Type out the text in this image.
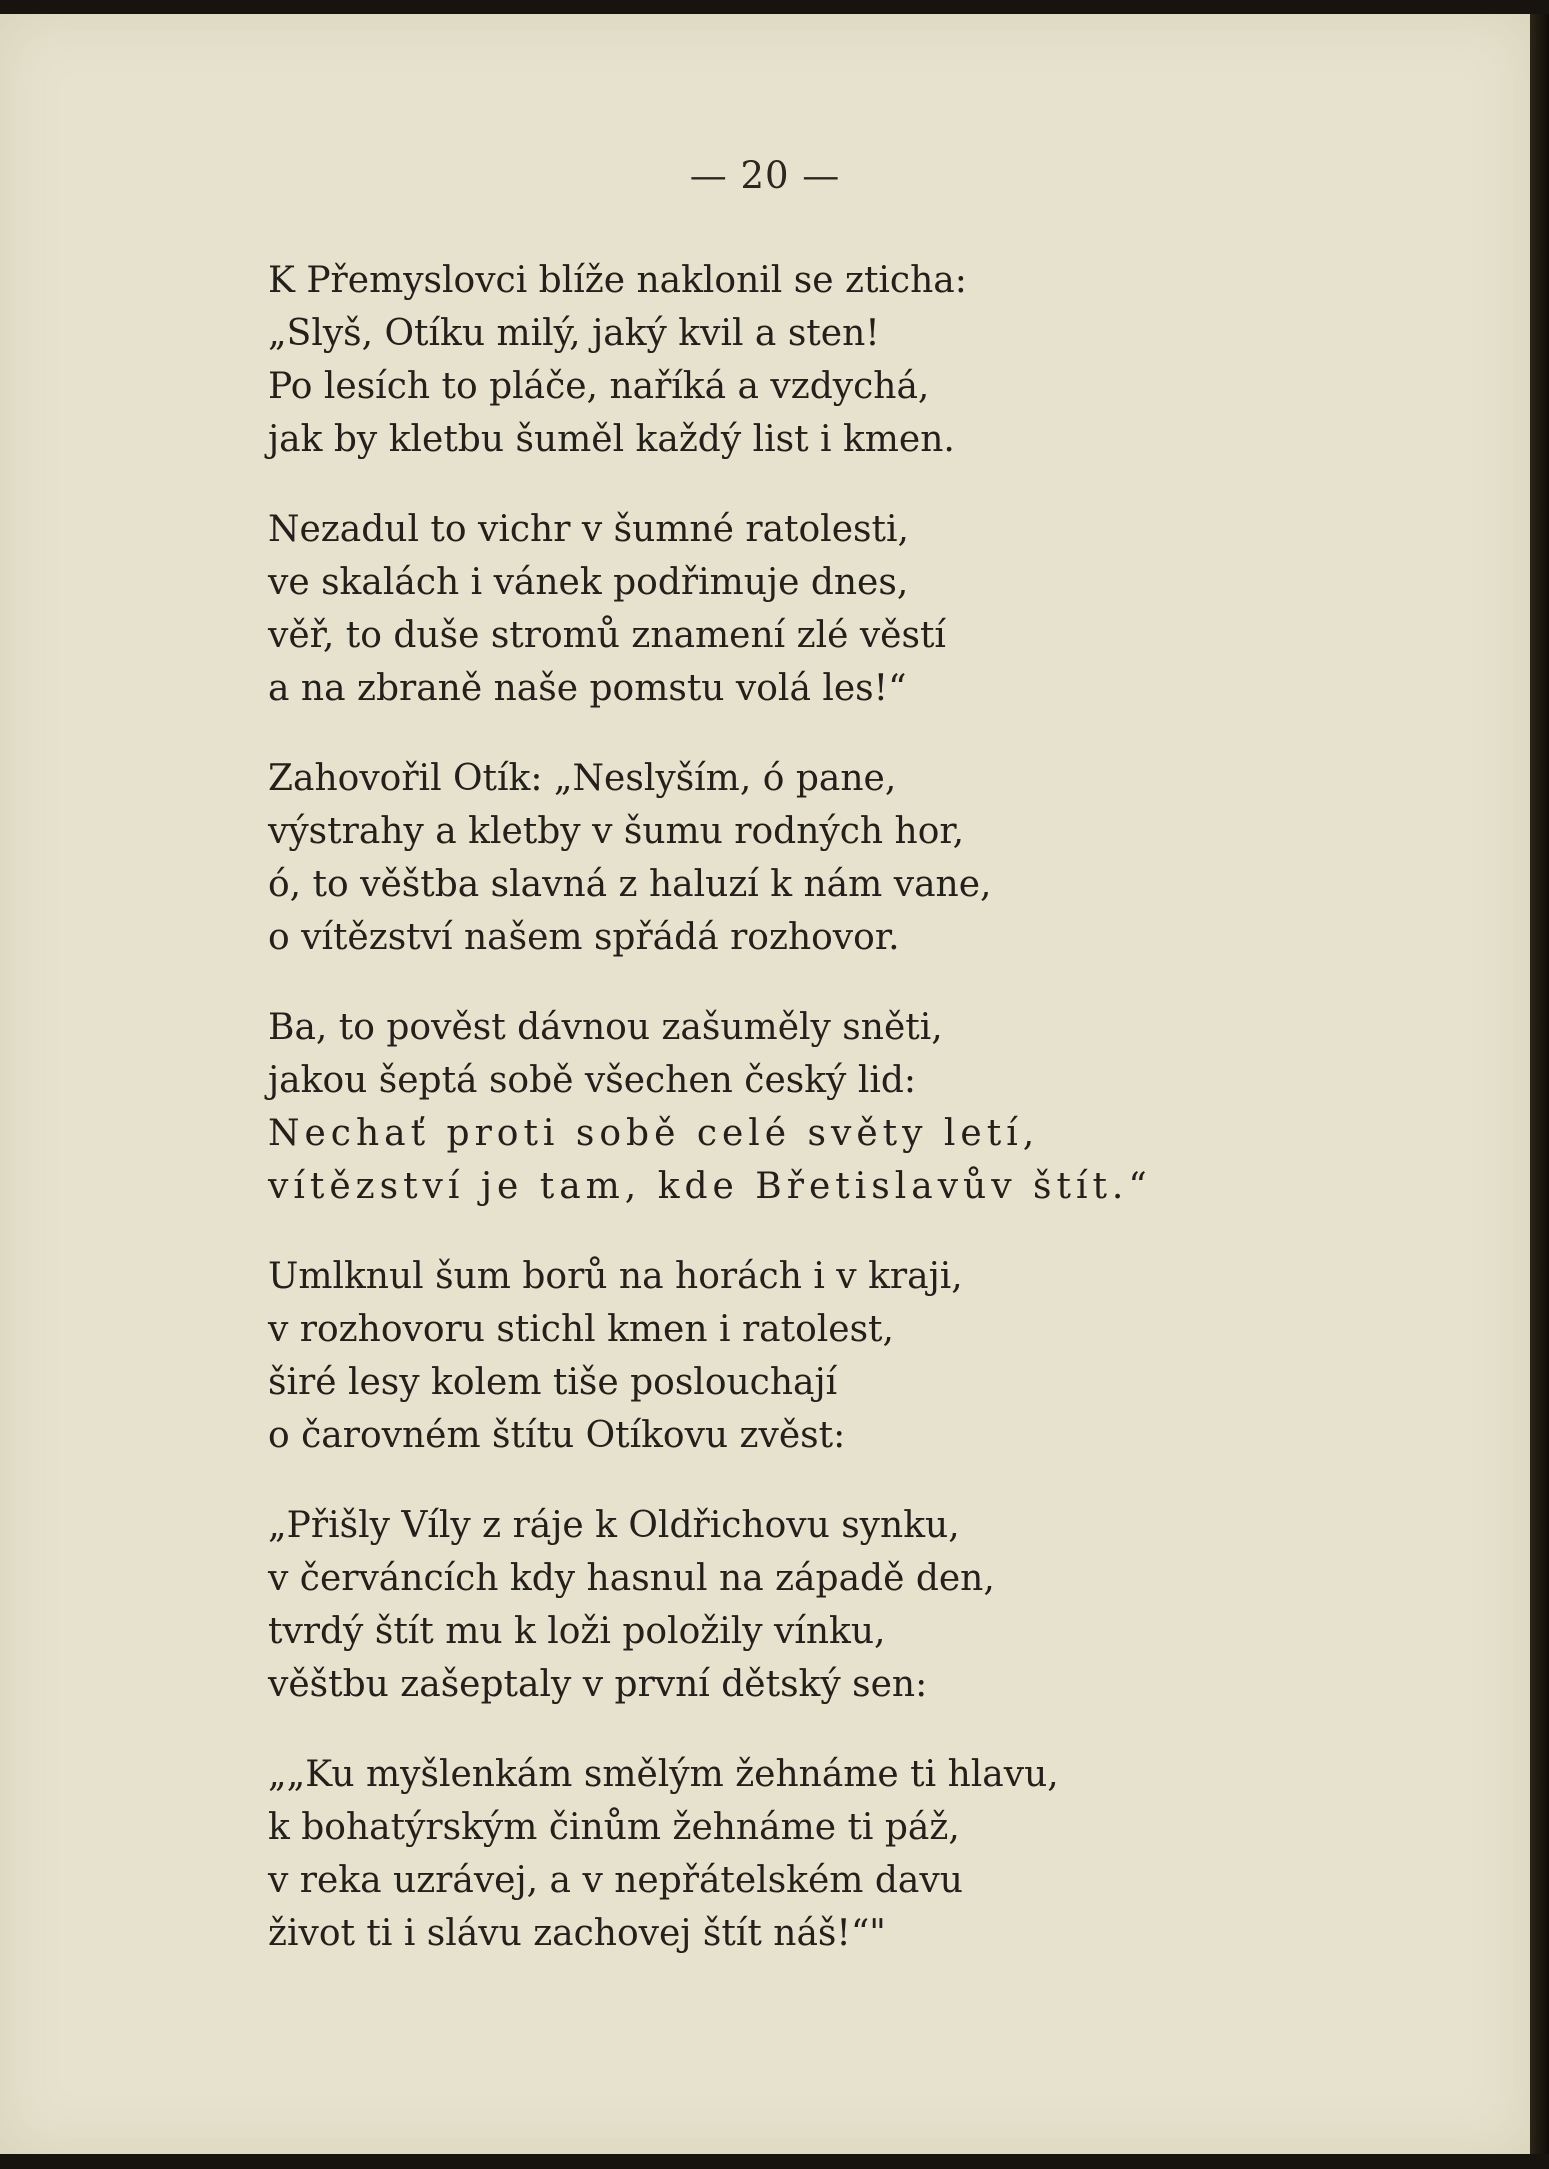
— 20 —
K Přemyslovci blíže naklonil se zticha:
„Slyš, Otíku milý, jaký kvil a sten!
Po lesích to pláče, naříká a vzdychá,
jak by kletbu šuměl každý list i kmen.
Nezadul to vichr v šumné ratolesti,
ve skalách i vánek podřimuje dnes,
věř, to duše stromů znamení zlé věstí
a na zbraně naše pomstu volá les!“
Zahovořil Otík: „Neslyším, ó pane,
výstrahy a kletby v šumu rodných hor,
ó, to věštba slavná z haluzí k nám vane,
o vítězství našem spřádá rozhovor.
Ba, to pověst dávnou zašuměly sněti,
jakou šeptá sobě všechen český lid:
Nechať proti sobě celé světy letí,
vítězství je tam, kde Břetislavův štít.“
Umlknul šum borů na horách i v kraji,
v rozhovoru stichl kmen i ratolest,
širé lesy kolem tiše poslouchají
o čarovném štítu Otíkovu zvěst:
„Přišly Víly z ráje k Oldřichovu synku,
v červáncích kdy hasnul na západě den,
tvrdý štít mu k loži položily vínku,
věštbu zašeptaly v první dětský sen:
„„Ku myšlenkám smělým žehnáme ti hlavu,
k bohatýrským činům žehnáme ti páž,
v reka uzrávej, a v nepřátelském davu
život ti i slávu zachovej štít náš!“"
